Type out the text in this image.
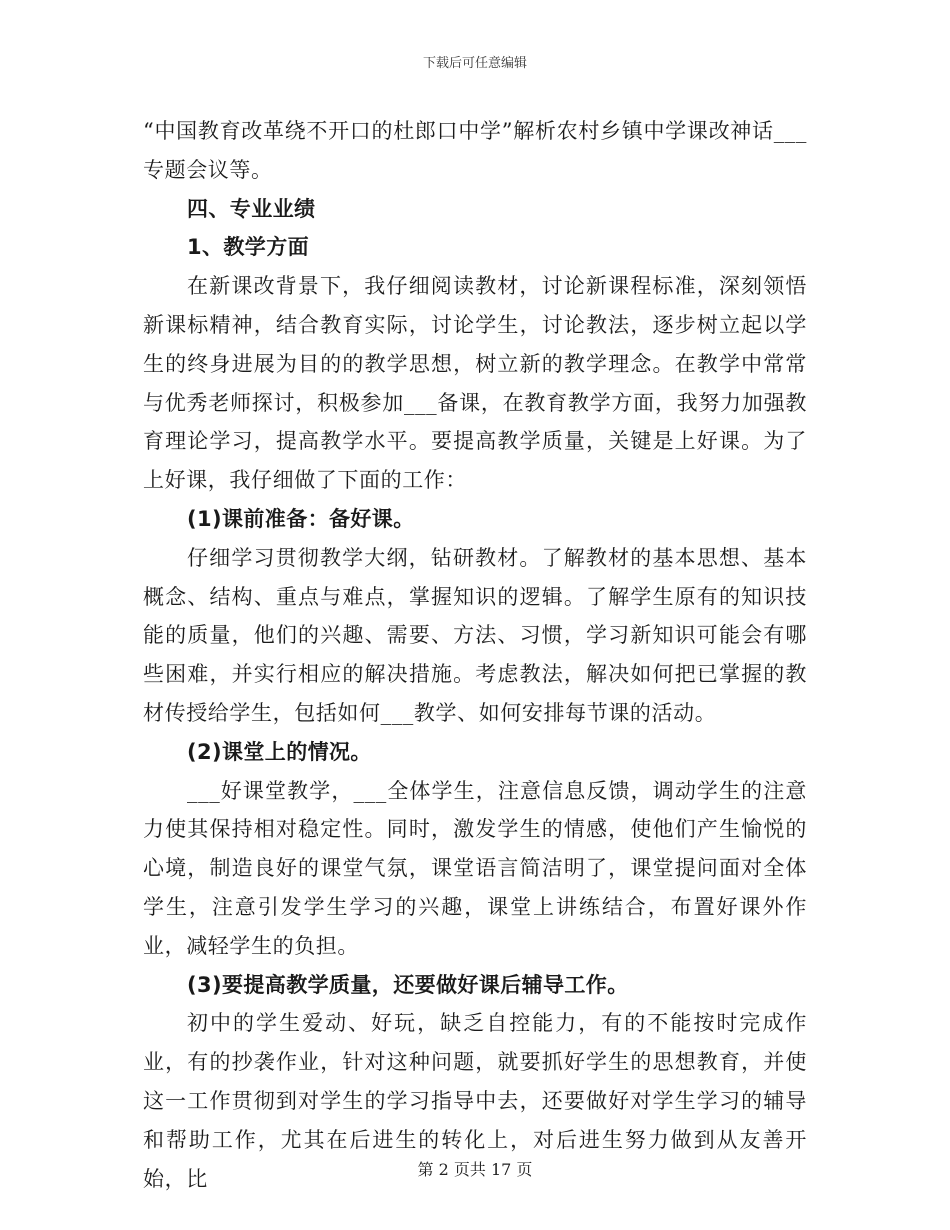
下载后可任意编辑

“中国教育改革绕不开口的杜郎口中学”解析农村乡镇中学课改神话___专题会议等。

四、专业业绩

1、教学方面

在新课改背景下，我仔细阅读教材，讨论新课程标准，深刻领悟新课标精神，结合教育实际，讨论学生，讨论教法，逐步树立起以学生的终身进展为目的的教学思想，树立新的教学理念。在教学中常常与优秀老师探讨，积极参加___备课，在教育教学方面，我努力加强教育理论学习，提高教学水平。要提高教学质量，关键是上好课。为了上好课，我仔细做了下面的工作：

(1)课前准备：备好课。

仔细学习贯彻教学大纲，钻研教材。了解教材的基本思想、基本概念、结构、重点与难点，掌握知识的逻辑。了解学生原有的知识技能的质量，他们的兴趣、需要、方法、习惯，学习新知识可能会有哪些困难，并实行相应的解决措施。考虑教法，解决如何把已掌握的教材传授给学生，包括如何___教学、如何安排每节课的活动。

(2)课堂上的情况。

___好课堂教学，___全体学生，注意信息反馈，调动学生的注意力使其保持相对稳定性。同时，激发学生的情感，使他们产生愉悦的心境，制造良好的课堂气氛，课堂语言简洁明了，课堂提问面对全体学生，注意引发学生学习的兴趣，课堂上讲练结合，布置好课外作业，减轻学生的负担。

(3)要提高教学质量，还要做好课后辅导工作。

初中的学生爱动、好玩，缺乏自控能力，有的不能按时完成作业，有的抄袭作业，针对这种问题，就要抓好学生的思想教育，并使这一工作贯彻到对学生的学习指导中去，还要做好对学生学习的辅导和帮助工作，尤其在后进生的转化上，对后进生努力做到从友善开始，比	第 2 页共 17 页
